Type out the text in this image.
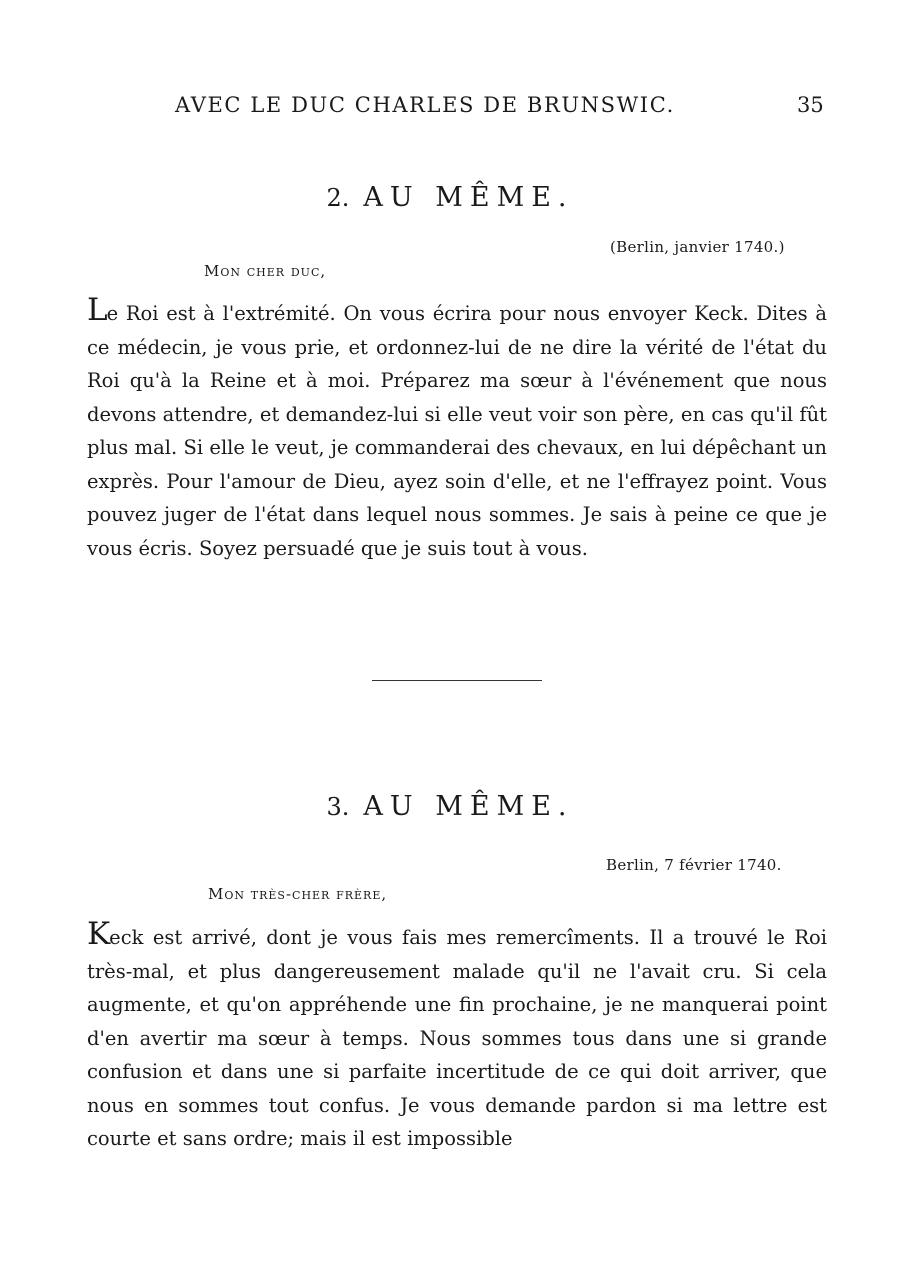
AVEC LE DUC CHARLES DE BRUNSWIC.	35
2. AU MÊME.
(Berlin, janvier 1740.)
Mon cher duc,

Le Roi est à l'extrémité. On vous écrira pour nous envoyer Keck. Dites à ce médecin, je vous prie, et ordonnez-lui de ne dire la vérité de l'état du Roi qu'à la Reine et à moi. Préparez ma sœur à l'événement que nous devons attendre, et demandez-lui si elle veut voir son père, en cas qu'il fût plus mal. Si elle le veut, je commanderai des chevaux, en lui dépêchant un exprès. Pour l'amour de Dieu, ayez soin d'elle, et ne l'effrayez point. Vous pouvez juger de l'état dans lequel nous sommes. Je sais à peine ce que je vous écris. Soyez persuadé que je suis tout à vous.

3. AU MÊME.
Berlin, 7 février 1740.
Mon très-cher frère,

Keck est arrivé, dont je vous fais mes remercîments. Il a trouvé le Roi très-mal, et plus dangereusement malade qu'il ne l'avait cru. Si cela augmente, et qu'on appréhende une fin prochaine, je ne manquerai point d'en avertir ma sœur à temps. Nous sommes tous dans une si grande confusion et dans une si parfaite incertitude de ce qui doit arriver, que nous en sommes tout confus. Je vous demande pardon si ma lettre est courte et sans ordre; mais il est impossible
